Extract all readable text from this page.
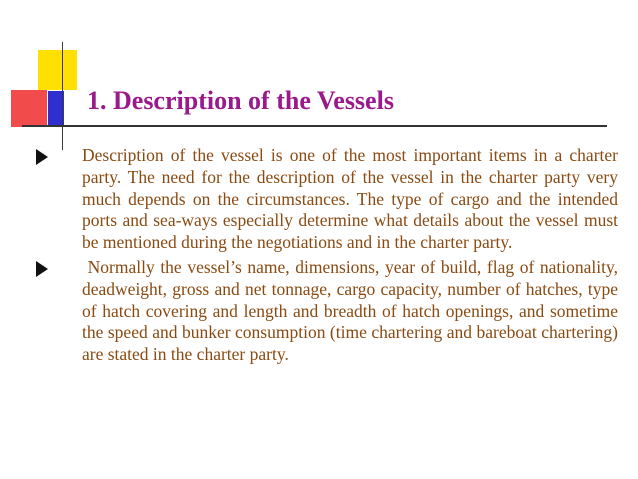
1. Description of the Vessels
Description of the vessel is one of the most important items in a charter party. The need for the description of the vessel in the charter party very much depends on the circumstances. The type of cargo and the intended ports and sea-ways especially determine what details about the vessel must be mentioned during the negotiations and in the charter party.
Normally the vessel’s name, dimensions, year of build, flag of nationality, deadweight, gross and net tonnage, cargo capacity, number of hatches, type of hatch covering and length and breadth of hatch openings, and sometime the speed and bunker consumption (time chartering and bareboat chartering) are stated in the charter party.
